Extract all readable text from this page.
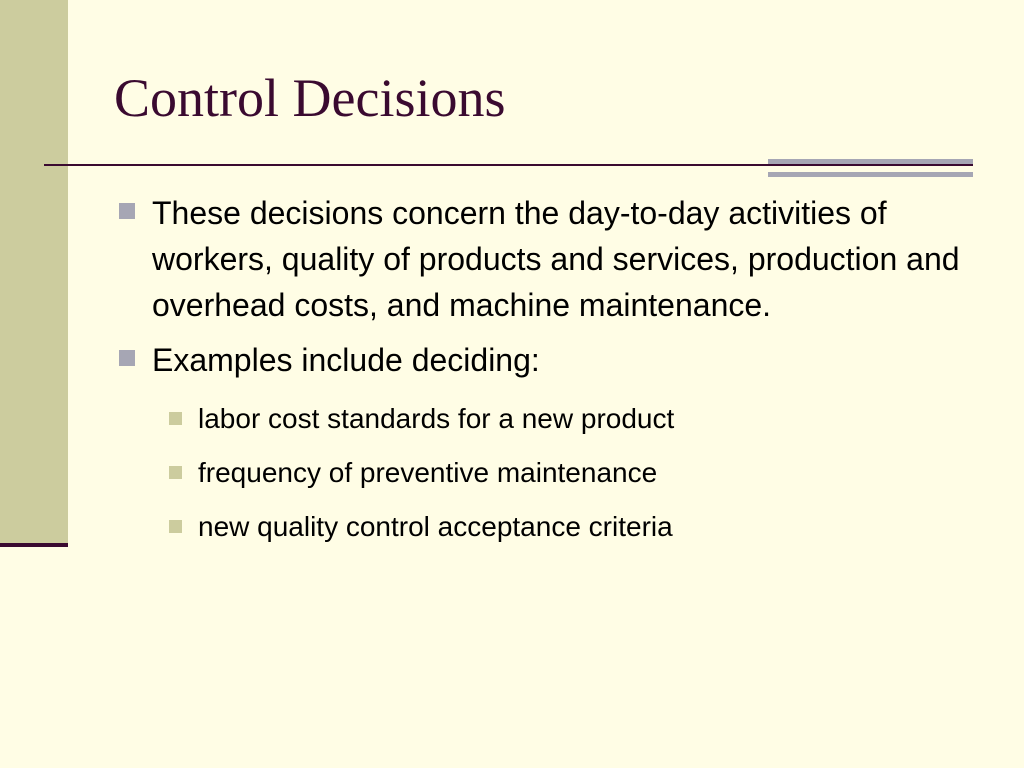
Control Decisions
These decisions concern the day-to-day activities of workers, quality of products and services, production and overhead costs, and machine maintenance.
Examples include deciding:
labor cost standards for a new product
frequency of preventive maintenance
new quality control acceptance criteria
